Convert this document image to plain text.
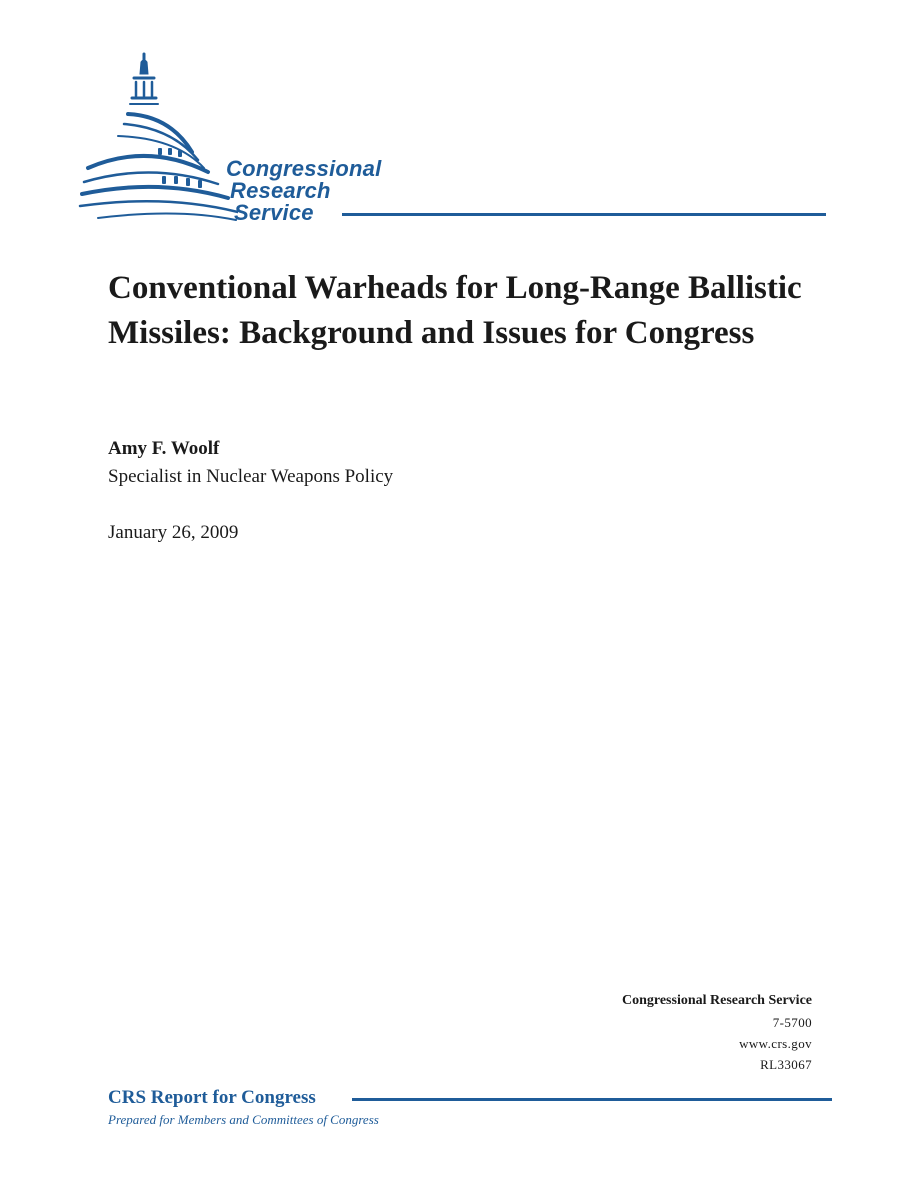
Congressional
Research
Service
Conventional Warheads for Long-Range Ballistic Missiles: Background and Issues for Congress
Amy F. Woolf
Specialist in Nuclear Weapons Policy
January 26, 2009
Congressional Research Service
7-5700
www.crs.gov
RL33067
CRS Report for Congress
Prepared for Members and Committees of Congress
